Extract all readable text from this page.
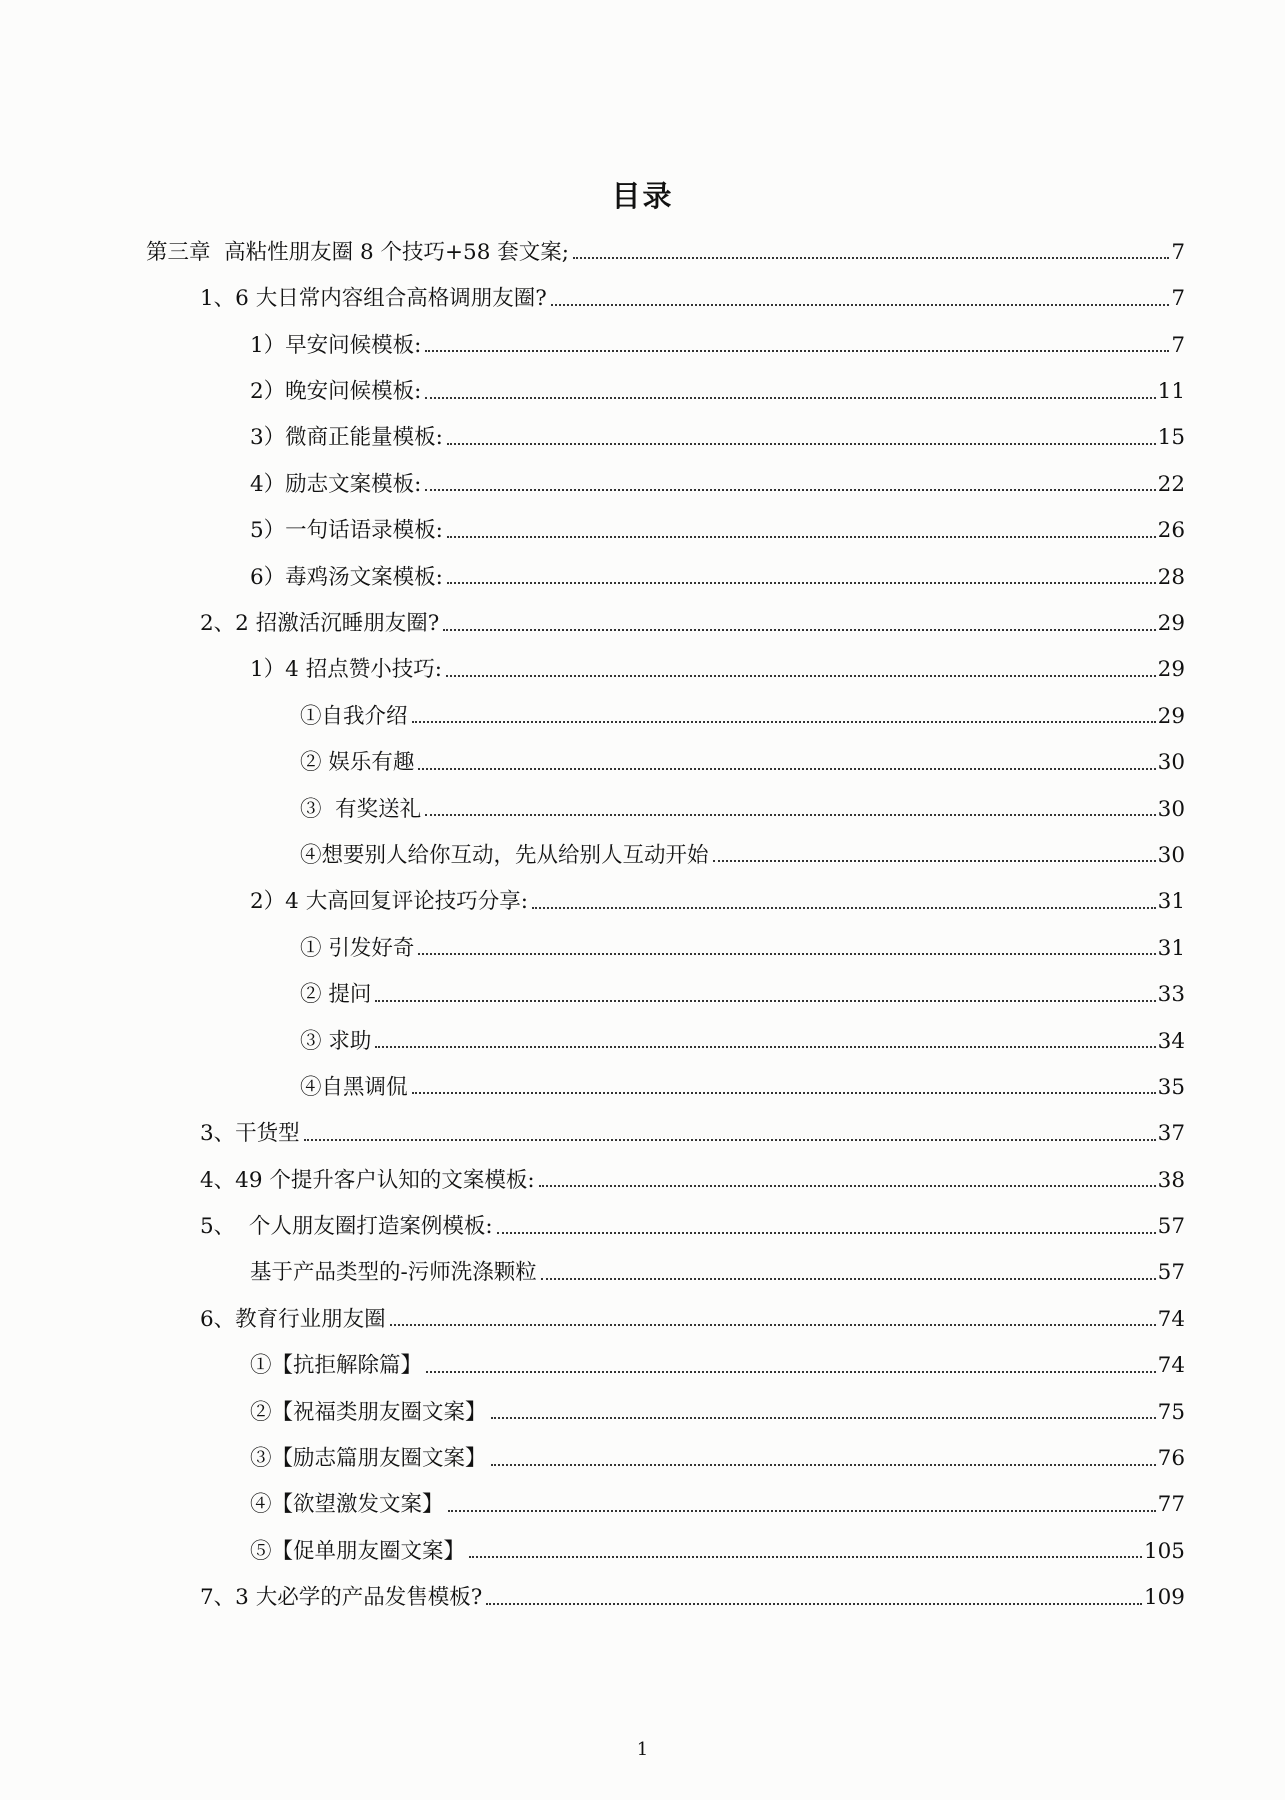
目录
第三章  高粘性朋友圈 8 个技巧+58 套文案;	7
1、6 大日常内容组合高格调朋友圈?	7
1）早安问候模板:	7
2）晚安问候模板:	11
3）微商正能量模板:	15
4）励志文案模板:	22
5）一句话语录模板:	26
6）毒鸡汤文案模板:	28
2、2 招激活沉睡朋友圈?	29
1）4 招点赞小技巧:	29
①自我介绍	29
② 娱乐有趣	30
③  有奖送礼	30
④想要别人给你互动，先从给别人互动开始	30
2）4 大高回复评论技巧分享:	31
① 引发好奇	31
② 提问	33
③ 求助	34
④自黑调侃	35
3、干货型	37
4、49 个提升客户认知的文案模板:	38
5、  个人朋友圈打造案例模板:	57
基于产品类型的-污师洗涤颗粒	57
6、教育行业朋友圈	74
①【抗拒解除篇】	74
②【祝福类朋友圈文案】	75
③【励志篇朋友圈文案】	76
④【欲望激发文案】	77
⑤【促单朋友圈文案】	105
7、3 大必学的产品发售模板?	109
1
